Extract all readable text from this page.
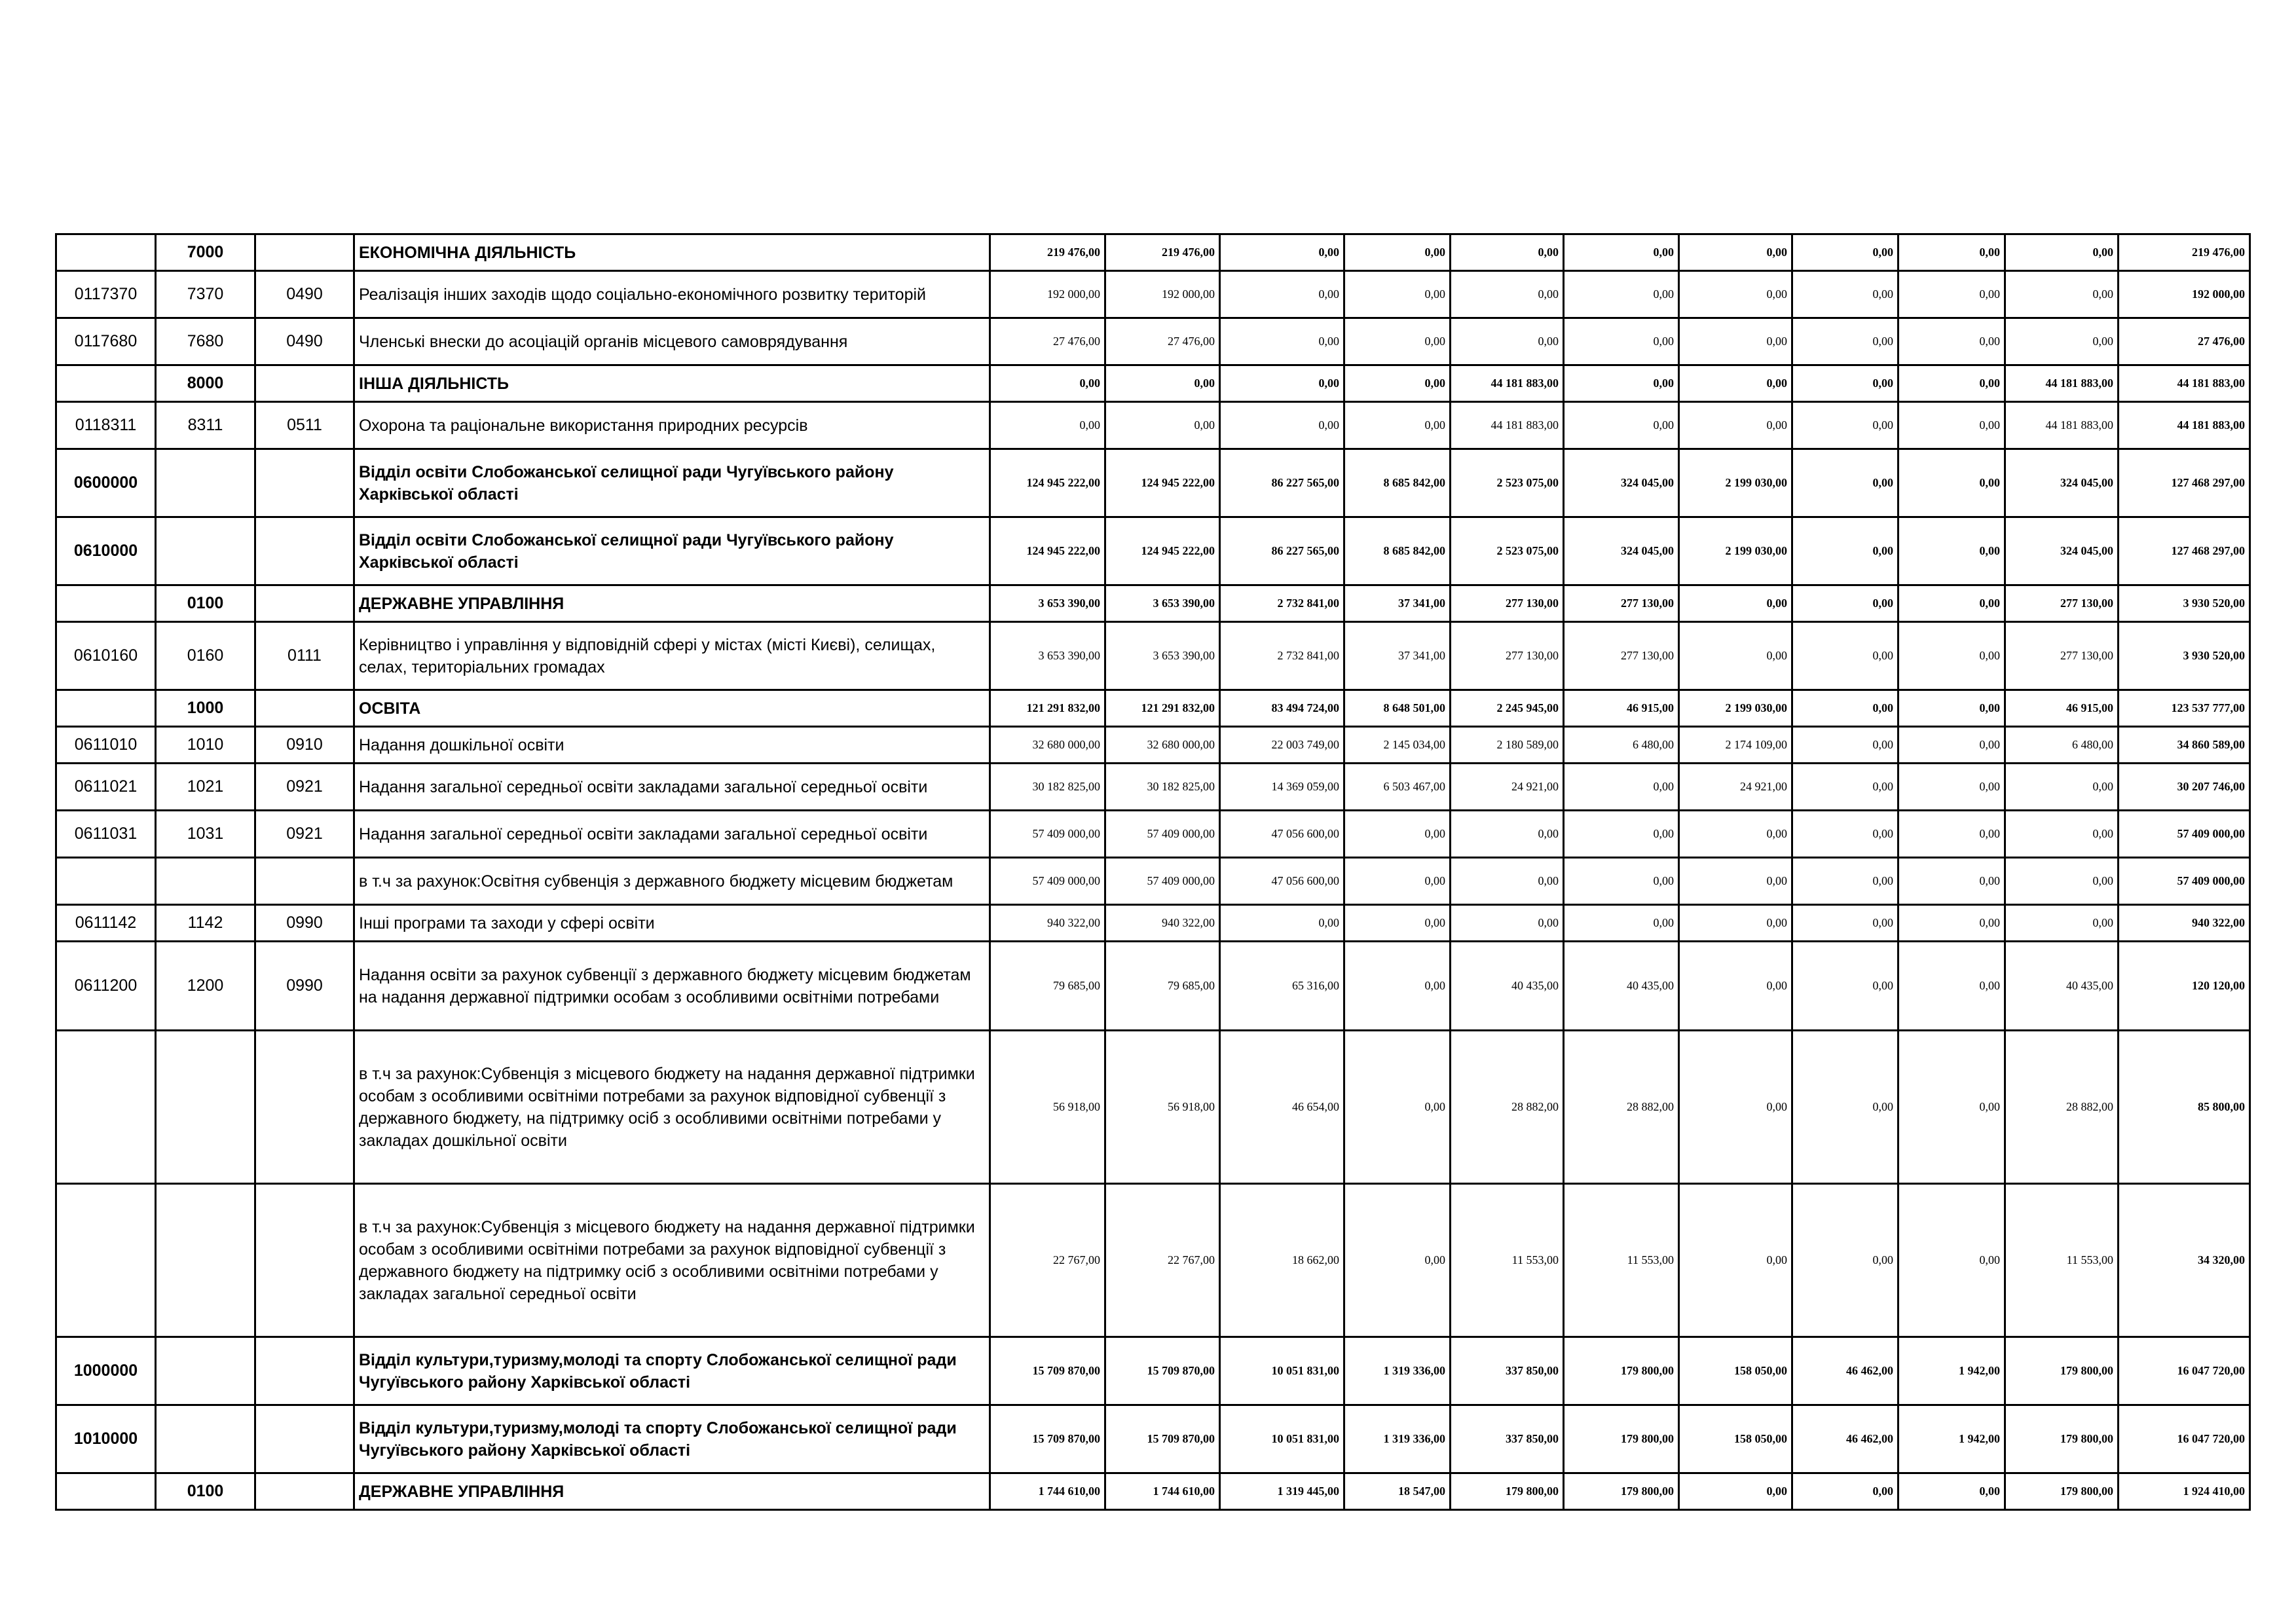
	7000		ЕКОНОМІЧНА ДІЯЛЬНІСТЬ	219 476,00	219 476,00	0,00	0,00	0,00	0,00	0,00	0,00	0,00	0,00	219 476,00
0117370	7370	0490	Реалізація інших заходів щодо соціально-економічного розвитку територій	192 000,00	192 000,00	0,00	0,00	0,00	0,00	0,00	0,00	0,00	0,00	192 000,00
0117680	7680	0490	Членські внески до асоціацій органів місцевого самоврядування	27 476,00	27 476,00	0,00	0,00	0,00	0,00	0,00	0,00	0,00	0,00	27 476,00
	8000		ІНША ДІЯЛЬНІСТЬ	0,00	0,00	0,00	0,00	44 181 883,00	0,00	0,00	0,00	0,00	44 181 883,00	44 181 883,00
0118311	8311	0511	Охорона та раціональне використання природних ресурсів	0,00	0,00	0,00	0,00	44 181 883,00	0,00	0,00	0,00	0,00	44 181 883,00	44 181 883,00
0600000			Відділ освіти Слобожанської селищної ради Чугуївського району Харківської області	124 945 222,00	124 945 222,00	86 227 565,00	8 685 842,00	2 523 075,00	324 045,00	2 199 030,00	0,00	0,00	324 045,00	127 468 297,00
0610000			Відділ освіти Слобожанської селищної ради Чугуївського району Харківської області	124 945 222,00	124 945 222,00	86 227 565,00	8 685 842,00	2 523 075,00	324 045,00	2 199 030,00	0,00	0,00	324 045,00	127 468 297,00
	0100		ДЕРЖАВНЕ УПРАВЛІННЯ	3 653 390,00	3 653 390,00	2 732 841,00	37 341,00	277 130,00	277 130,00	0,00	0,00	0,00	277 130,00	3 930 520,00
0610160	0160	0111	Керівництво і управління у відповідній сфері у містах (місті Києві), селищах, селах, територіальних громадах	3 653 390,00	3 653 390,00	2 732 841,00	37 341,00	277 130,00	277 130,00	0,00	0,00	0,00	277 130,00	3 930 520,00
	1000		ОСВІТА	121 291 832,00	121 291 832,00	83 494 724,00	8 648 501,00	2 245 945,00	46 915,00	2 199 030,00	0,00	0,00	46 915,00	123 537 777,00
0611010	1010	0910	Надання дошкільної освіти	32 680 000,00	32 680 000,00	22 003 749,00	2 145 034,00	2 180 589,00	6 480,00	2 174 109,00	0,00	0,00	6 480,00	34 860 589,00
0611021	1021	0921	Надання загальної середньої освіти закладами загальної середньої освіти	30 182 825,00	30 182 825,00	14 369 059,00	6 503 467,00	24 921,00	0,00	24 921,00	0,00	0,00	0,00	30 207 746,00
0611031	1031	0921	Надання загальної середньої освіти закладами загальної середньої освіти	57 409 000,00	57 409 000,00	47 056 600,00	0,00	0,00	0,00	0,00	0,00	0,00	0,00	57 409 000,00
			в т.ч за рахунок:Освітня субвенція з державного бюджету місцевим бюджетам	57 409 000,00	57 409 000,00	47 056 600,00	0,00	0,00	0,00	0,00	0,00	0,00	0,00	57 409 000,00
0611142	1142	0990	Інші програми та заходи у сфері освіти	940 322,00	940 322,00	0,00	0,00	0,00	0,00	0,00	0,00	0,00	0,00	940 322,00
0611200	1200	0990	Надання освіти за рахунок субвенції з державного бюджету місцевим бюджетам на надання державної підтримки особам з особливими освітніми потребами	79 685,00	79 685,00	65 316,00	0,00	40 435,00	40 435,00	0,00	0,00	0,00	40 435,00	120 120,00
			в т.ч за рахунок:Субвенція з місцевого бюджету на надання державної підтримки особам з особливими освітніми потребами за рахунок відповідної субвенції з державного бюджету, на підтримку осіб з особливими освітніми потребами у закладах дошкільної освіти	56 918,00	56 918,00	46 654,00	0,00	28 882,00	28 882,00	0,00	0,00	0,00	28 882,00	85 800,00
			в т.ч за рахунок:Субвенція з місцевого бюджету на надання державної підтримки особам з особливими освітніми потребами за рахунок відповідної субвенції з державного бюджету на підтримку осіб з особливими освітніми потребами у закладах загальної середньої освіти	22 767,00	22 767,00	18 662,00	0,00	11 553,00	11 553,00	0,00	0,00	0,00	11 553,00	34 320,00
1000000			Відділ культури,туризму,молоді та спорту Слобожанської селищної ради Чугуївського району Харківської області	15 709 870,00	15 709 870,00	10 051 831,00	1 319 336,00	337 850,00	179 800,00	158 050,00	46 462,00	1 942,00	179 800,00	16 047 720,00
1010000			Відділ культури,туризму,молоді та спорту Слобожанської селищної ради Чугуївського району Харківської області	15 709 870,00	15 709 870,00	10 051 831,00	1 319 336,00	337 850,00	179 800,00	158 050,00	46 462,00	1 942,00	179 800,00	16 047 720,00
	0100		ДЕРЖАВНЕ УПРАВЛІННЯ	1 744 610,00	1 744 610,00	1 319 445,00	18 547,00	179 800,00	179 800,00	0,00	0,00	0,00	179 800,00	1 924 410,00
